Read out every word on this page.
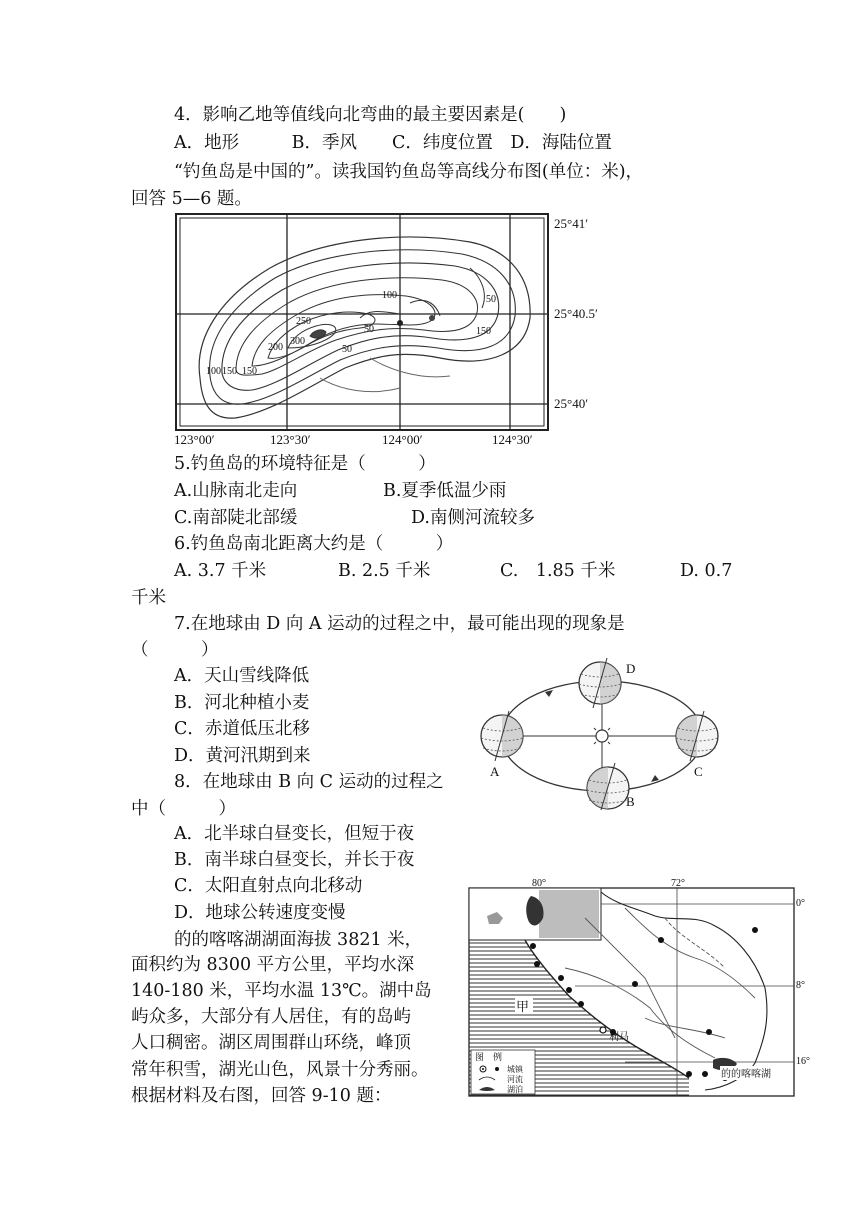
4．影响乙地等值线向北弯曲的最主要因素是(　　)
A．地形　　　B．季风　　C．纬度位置　D．海陆位置
“钓鱼岛是中国的”。读我国钓鱼岛等高线分布图(单位：米)，
回答 5—6 题。
100	50
250
300
200
150
50
100 150
50
150
25°41′
25°40.5′
25°40′
123°00′	123°30′	124°00′	124°30′
5.钓鱼岛的环境特征是（　　　）
A.山脉南北走向	B.夏季低温少雨
C.南部陡北部缓	D.南侧河流较多
6.钓鱼岛南北距离大约是（　　　）
A. 3.7 千米	B. 2.5 千米	C.　1.85 千米	D. 0.7
千米
7.在地球由 D 向 A 运动的过程之中，最可能出现的现象是
（　　　）
A．天山雪线降低
B．河北种植小麦
C．赤道低压北移
D．黄河汛期到来
D
A	C
B
8．在地球由 B 向 C 运动的过程之
中（　　　）
A．北半球白昼变长，但短于夜
B．南半球白昼变长，并长于夜
C．太阳直射点向北移动
D．地球公转速度变慢
的的喀喀湖湖面海拔 3821 米，
面积约为 8300 平方公里，平均水深
140-180 米，平均水温 13℃。湖中岛
屿众多，大部分有人居住，有的岛屿
人口稠密。湖区周围群山环绕，峰顶
常年积雪，湖光山色，风景十分秀丽。
根据材料及右图，回答 9-10 题：
80°	72°
0°
8°
16°
甲
利马
的的喀喀湖
图　例
城镇
河流
湖泊
